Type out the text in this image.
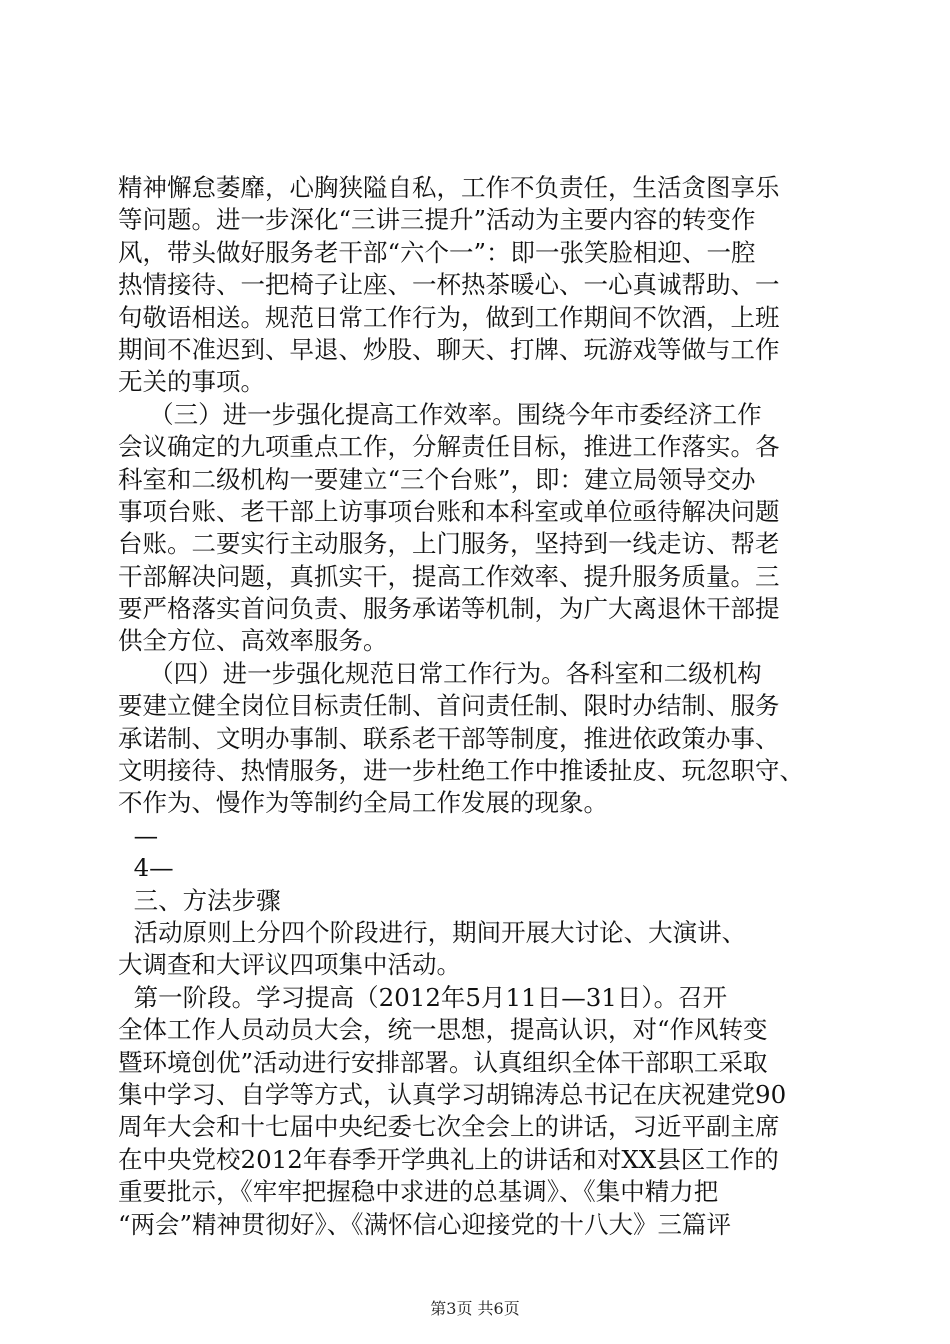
精神懈怠萎靡，心胸狭隘自私，工作不负责任，生活贪图享乐
等问题。进一步深化“三讲三提升”活动为主要内容的转变作
风，带头做好服务老干部“六个一”：即一张笑脸相迎、一腔
热情接待、一把椅子让座、一杯热茶暖心、一心真诚帮助、一
句敬语相送。规范日常工作行为，做到工作期间不饮酒，上班
期间不准迟到、早退、炒股、聊天、打牌、玩游戏等做与工作
无关的事项。
（三）进一步强化提高工作效率。围绕今年市委经济工作
会议确定的九项重点工作，分解责任目标，推进工作落实。各
科室和二级机构一要建立“三个台账”，即：建立局领导交办
事项台账、老干部上访事项台账和本科室或单位亟待解决问题
台账。二要实行主动服务，上门服务，坚持到一线走访、帮老
干部解决问题，真抓实干，提高工作效率、提升服务质量。三
要严格落实首问负责、服务承诺等机制，为广大离退休干部提
供全方位、高效率服务。
（四）进一步强化规范日常工作行为。各科室和二级机构
要建立健全岗位目标责任制、首问责任制、限时办结制、服务
承诺制、文明办事制、联系老干部等制度，推进依政策办事、
文明接待、热情服务，进一步杜绝工作中推诿扯皮、玩忽职守、
不作为、慢作为等制约全局工作发展的现象。
—
4—
三、方法步骤
活动原则上分四个阶段进行，期间开展大讨论、大演讲、
大调查和大评议四项集中活动。
第一阶段。学习提高（2012年5月11日—31日）。召开
全体工作人员动员大会，统一思想，提高认识，对“作风转变
暨环境创优”活动进行安排部署。认真组织全体干部职工采取
集中学习、自学等方式，认真学习胡锦涛总书记在庆祝建党90
周年大会和十七届中央纪委七次全会上的讲话，习近平副主席
在中央党校2012年春季开学典礼上的讲话和对XX县区工作的
重要批示，《牢牢把握稳中求进的总基调》、《集中精力把
“两会”精神贯彻好》、《满怀信心迎接党的十八大》三篇评
第3页 共6页
